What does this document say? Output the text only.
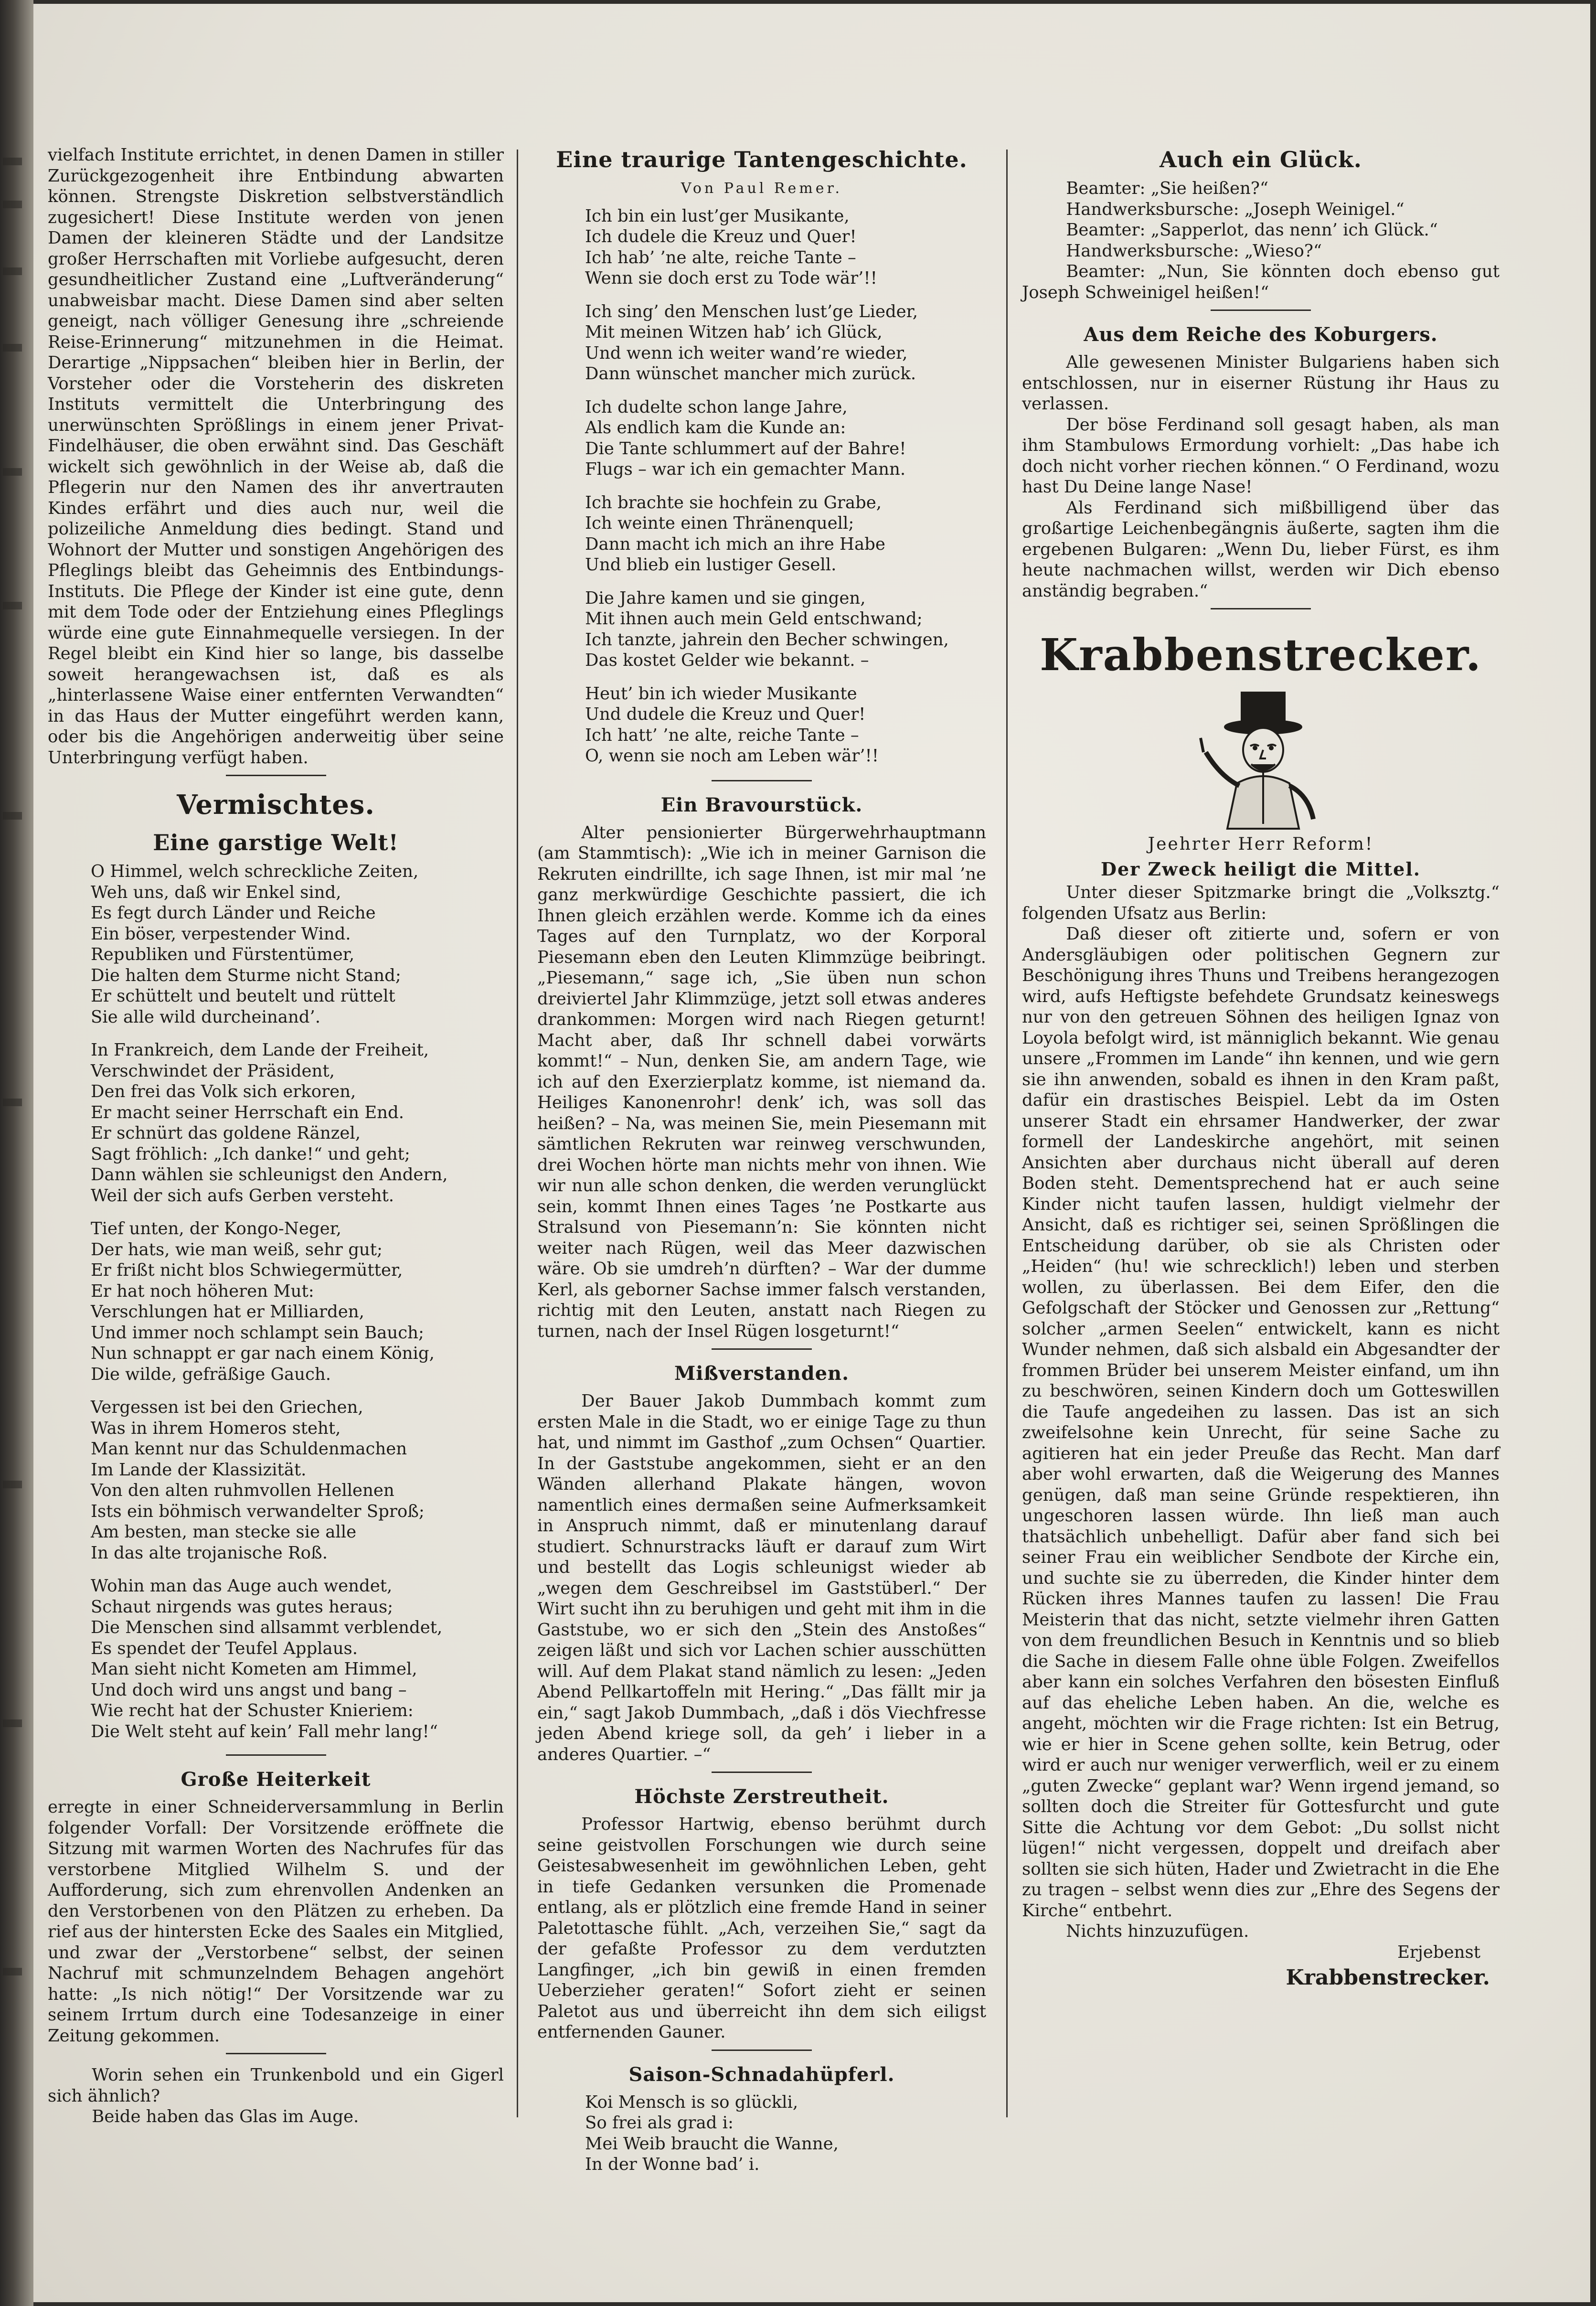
vielfach Institute errichtet, in denen Damen in stiller Zurückgezogenheit ihre Entbindung abwarten können. Strengste Diskretion selbstverständlich zugesichert! Diese Institute werden von jenen Damen der kleineren Städte und der Landsitze großer Herrschaften mit Vorliebe aufgesucht, deren gesundheitlicher Zustand eine „Luftveränderung“ unabweisbar macht. Diese Damen sind aber selten geneigt, nach völliger Genesung ihre „schreiende Reise-Erinnerung“ mitzunehmen in die Heimat. Derartige „Nippsachen“ bleiben hier in Berlin, der Vorsteher oder die Vorsteherin des diskreten Instituts vermittelt die Unterbringung des unerwünschten Sprößlings in einem jener Privat-Findelhäuser, die oben erwähnt sind. Das Geschäft wickelt sich gewöhnlich in der Weise ab, daß die Pflegerin nur den Namen des ihr anvertrauten Kindes erfährt und dies auch nur, weil die polizeiliche Anmeldung dies bedingt. Stand und Wohnort der Mutter und sonstigen Angehörigen des Pfleglings bleibt das Geheimnis des Entbindungs-Instituts. Die Pflege der Kinder ist eine gute, denn mit dem Tode oder der Entziehung eines Pfleglings würde eine gute Einnahmequelle versiegen. In der Regel bleibt ein Kind hier so lange, bis dasselbe soweit herangewachsen ist, daß es als „hinterlassene Waise einer entfernten Verwandten“ in das Haus der Mutter eingeführt werden kann, oder bis die Angehörigen anderweitig über seine Unterbringung verfügt haben.

Vermischtes.
Eine garstige Welt!
O Himmel, welch schreckliche Zeiten,
Weh uns, daß wir Enkel sind,
Es fegt durch Länder und Reiche
Ein böser, verpestender Wind.
Republiken und Fürstentümer,
Die halten dem Sturme nicht Stand;
Er schüttelt und beutelt und rüttelt
Sie alle wild durcheinand’.
In Frankreich, dem Lande der Freiheit,
Verschwindet der Präsident,
Den frei das Volk sich erkoren,
Er macht seiner Herrschaft ein End.
Er schnürt das goldene Ränzel,
Sagt fröhlich: „Ich danke!“ und geht;
Dann wählen sie schleunigst den Andern,
Weil der sich aufs Gerben versteht.
Tief unten, der Kongo-Neger,
Der hats, wie man weiß, sehr gut;
Er frißt nicht blos Schwiegermütter,
Er hat noch höheren Mut:
Verschlungen hat er Milliarden,
Und immer noch schlampt sein Bauch;
Nun schnappt er gar nach einem König,
Die wilde, gefräßige Gauch.
Vergessen ist bei den Griechen,
Was in ihrem Homeros steht,
Man kennt nur das Schuldenmachen
Im Lande der Klassizität.
Von den alten ruhmvollen Hellenen
Ists ein böhmisch verwandelter Sproß;
Am besten, man stecke sie alle
In das alte trojanische Roß.
Wohin man das Auge auch wendet,
Schaut nirgends was gutes heraus;
Die Menschen sind allsammt verblendet,
Es spendet der Teufel Applaus.
Man sieht nicht Kometen am Himmel,
Und doch wird uns angst und bang –
Wie recht hat der Schuster Knieriem:
Die Welt steht auf kein’ Fall mehr lang!“
Große Heiterkeit

erregte in einer Schneiderversammlung in Berlin folgender Vorfall: Der Vorsitzende eröffnete die Sitzung mit warmen Worten des Nachrufes für das verstorbene Mitglied Wilhelm S. und der Aufforderung, sich zum ehrenvollen Andenken an den Verstorbenen von den Plätzen zu erheben. Da rief aus der hintersten Ecke des Saales ein Mitglied, und zwar der „Verstorbene“ selbst, der seinen Nachruf mit schmunzelndem Behagen angehört hatte: „Is nich nötig!“ Der Vorsitzende war zu seinem Irrtum durch eine Todesanzeige in einer Zeitung gekommen.

Worin sehen ein Trunkenbold und ein Gigerl sich ähnlich?

Beide haben das Glas im Auge.

Eine traurige Tantengeschichte.
Von Paul Remer.
Ich bin ein lust’ger Musikante,
Ich dudele die Kreuz und Quer!
Ich hab’ ’ne alte, reiche Tante –
Wenn sie doch erst zu Tode wär’!!
Ich sing’ den Menschen lust’ge Lieder,
Mit meinen Witzen hab’ ich Glück,
Und wenn ich weiter wand’re wieder,
Dann wünschet mancher mich zurück.
Ich dudelte schon lange Jahre,
Als endlich kam die Kunde an:
Die Tante schlummert auf der Bahre!
Flugs – war ich ein gemachter Mann.
Ich brachte sie hochfein zu Grabe,
Ich weinte einen Thränenquell;
Dann macht ich mich an ihre Habe
Und blieb ein lustiger Gesell.
Die Jahre kamen und sie gingen,
Mit ihnen auch mein Geld entschwand;
Ich tanzte, jahrein den Becher schwingen,
Das kostet Gelder wie bekannt. –
Heut’ bin ich wieder Musikante
Und dudele die Kreuz und Quer!
Ich hatt’ ’ne alte, reiche Tante –
O, wenn sie noch am Leben wär’!!
Ein Bravourstück.

Alter pensionierter Bürgerwehrhauptmann (am Stammtisch): „Wie ich in meiner Garnison die Rekruten eindrillte, ich sage Ihnen, ist mir mal ’ne ganz merkwürdige Geschichte passiert, die ich Ihnen gleich erzählen werde. Komme ich da eines Tages auf den Turnplatz, wo der Korporal Piesemann eben den Leuten Klimmzüge beibringt. „Piesemann,“ sage ich, „Sie üben nun schon dreiviertel Jahr Klimmzüge, jetzt soll etwas anderes drankommen: Morgen wird nach Riegen geturnt! Macht aber, daß Ihr schnell dabei vorwärts kommt!“ – Nun, denken Sie, am andern Tage, wie ich auf den Exerzierplatz komme, ist niemand da. Heiliges Kanonenrohr! denk’ ich, was soll das heißen? – Na, was meinen Sie, mein Piesemann mit sämtlichen Rekruten war reinweg verschwunden, drei Wochen hörte man nichts mehr von ihnen. Wie wir nun alle schon denken, die werden verunglückt sein, kommt Ihnen eines Tages ’ne Postkarte aus Stralsund von Piesemann’n: Sie könnten nicht weiter nach Rügen, weil das Meer dazwischen wäre. Ob sie umdreh’n dürften? – War der dumme Kerl, als geborner Sachse immer falsch verstanden, richtig mit den Leuten, anstatt nach Riegen zu turnen, nach der Insel Rügen losgeturnt!“

Mißverstanden.

Der Bauer Jakob Dummbach kommt zum ersten Male in die Stadt, wo er einige Tage zu thun hat, und nimmt im Gasthof „zum Ochsen“ Quartier. In der Gaststube angekommen, sieht er an den Wänden allerhand Plakate hängen, wovon namentlich eines dermaßen seine Aufmerksamkeit in Anspruch nimmt, daß er minutenlang darauf studiert. Schnurstracks läuft er darauf zum Wirt und bestellt das Logis schleunigst wieder ab „wegen dem Geschreibsel im Gaststüberl.“ Der Wirt sucht ihn zu beruhigen und geht mit ihm in die Gaststube, wo er sich den „Stein des Anstoßes“ zeigen läßt und sich vor Lachen schier ausschütten will. Auf dem Plakat stand nämlich zu lesen: „Jeden Abend Pellkartoffeln mit Hering.“ „Das fällt mir ja ein,“ sagt Jakob Dummbach, „daß i dös Viechfresse jeden Abend kriege soll, da geh’ i lieber in a anderes Quartier. –“

Höchste Zerstreutheit.

Professor Hartwig, ebenso berühmt durch seine geistvollen Forschungen wie durch seine Geistesabwesenheit im gewöhnlichen Leben, geht in tiefe Gedanken versunken die Promenade entlang, als er plötzlich eine fremde Hand in seiner Paletottasche fühlt. „Ach, verzeihen Sie,“ sagt da der gefaßte Professor zu dem verdutzten Langfinger, „ich bin gewiß in einen fremden Ueberzieher geraten!“ Sofort zieht er seinen Paletot aus und überreicht ihn dem sich eiligst entfernenden Gauner.

Saison-Schnadahüpferl.
Koi Mensch is so glückli,
So frei als grad i:
Mei Weib braucht die Wanne,
In der Wonne bad’ i.
Auch ein Glück.

Beamter: „Sie heißen?“

Handwerksbursche: „Joseph Weinigel.“

Beamter: „Sapperlot, das nenn’ ich Glück.“

Handwerksbursche: „Wieso?“

Beamter: „Nun, Sie könnten doch ebenso gut Joseph Schweinigel heißen!“

Aus dem Reiche des Koburgers.

Alle gewesenen Minister Bulgariens haben sich entschlossen, nur in eiserner Rüstung ihr Haus zu verlassen.

Der böse Ferdinand soll gesagt haben, als man ihm Stambulows Ermordung vorhielt: „Das habe ich doch nicht vorher riechen können.“ O Ferdinand, wozu hast Du Deine lange Nase!

Als Ferdinand sich mißbilligend über das großartige Leichenbegängnis äußerte, sagten ihm die ergebenen Bulgaren: „Wenn Du, lieber Fürst, es ihm heute nachmachen willst, werden wir Dich ebenso anständig begraben.“

Krabbenstrecker.
Jeehrter Herr Reform!
Der Zweck heiligt die Mittel.

Unter dieser Spitzmarke bringt die „Volksztg.“ folgenden Ufsatz aus Berlin:

Daß dieser oft zitierte und, sofern er von Andersgläubigen oder politischen Gegnern zur Beschönigung ihres Thuns und Treibens herangezogen wird, aufs Heftigste befehdete Grundsatz keineswegs nur von den getreuen Söhnen des heiligen Ignaz von Loyola befolgt wird, ist männiglich bekannt. Wie genau unsere „Frommen im Lande“ ihn kennen, und wie gern sie ihn anwenden, sobald es ihnen in den Kram paßt, dafür ein drastisches Beispiel. Lebt da im Osten unserer Stadt ein ehrsamer Handwerker, der zwar formell der Landeskirche angehört, mit seinen Ansichten aber durchaus nicht überall auf deren Boden steht. Dementsprechend hat er auch seine Kinder nicht taufen lassen, huldigt vielmehr der Ansicht, daß es richtiger sei, seinen Sprößlingen die Entscheidung darüber, ob sie als Christen oder „Heiden“ (hu! wie schrecklich!) leben und sterben wollen, zu überlassen. Bei dem Eifer, den die Gefolgschaft der Stöcker und Genossen zur „Rettung“ solcher „armen Seelen“ entwickelt, kann es nicht Wunder nehmen, daß sich alsbald ein Abgesandter der frommen Brüder bei unserem Meister einfand, um ihn zu beschwören, seinen Kindern doch um Gotteswillen die Taufe angedeihen zu lassen. Das ist an sich zweifelsohne kein Unrecht, für seine Sache zu agitieren hat ein jeder Preuße das Recht. Man darf aber wohl erwarten, daß die Weigerung des Mannes genügen, daß man seine Gründe respektieren, ihn ungeschoren lassen würde. Ihn ließ man auch thatsächlich unbehelligt. Dafür aber fand sich bei seiner Frau ein weiblicher Sendbote der Kirche ein, und suchte sie zu überreden, die Kinder hinter dem Rücken ihres Mannes taufen zu lassen! Die Frau Meisterin that das nicht, setzte vielmehr ihren Gatten von dem freundlichen Besuch in Kenntnis und so blieb die Sache in diesem Falle ohne üble Folgen. Zweifellos aber kann ein solches Verfahren den bösesten Einfluß auf das eheliche Leben haben. An die, welche es angeht, möchten wir die Frage richten: Ist ein Betrug, wie er hier in Scene gehen sollte, kein Betrug, oder wird er auch nur weniger verwerflich, weil er zu einem „guten Zwecke“ geplant war? Wenn irgend jemand, so sollten doch die Streiter für Gottesfurcht und gute Sitte die Achtung vor dem Gebot: „Du sollst nicht lügen!“ nicht vergessen, doppelt und dreifach aber sollten sie sich hüten, Hader und Zwietracht in die Ehe zu tragen – selbst wenn dies zur „Ehre des Segens der Kirche“ entbehrt.

Nichts hinzuzufügen.

Erjebenst
Krabbenstrecker.
